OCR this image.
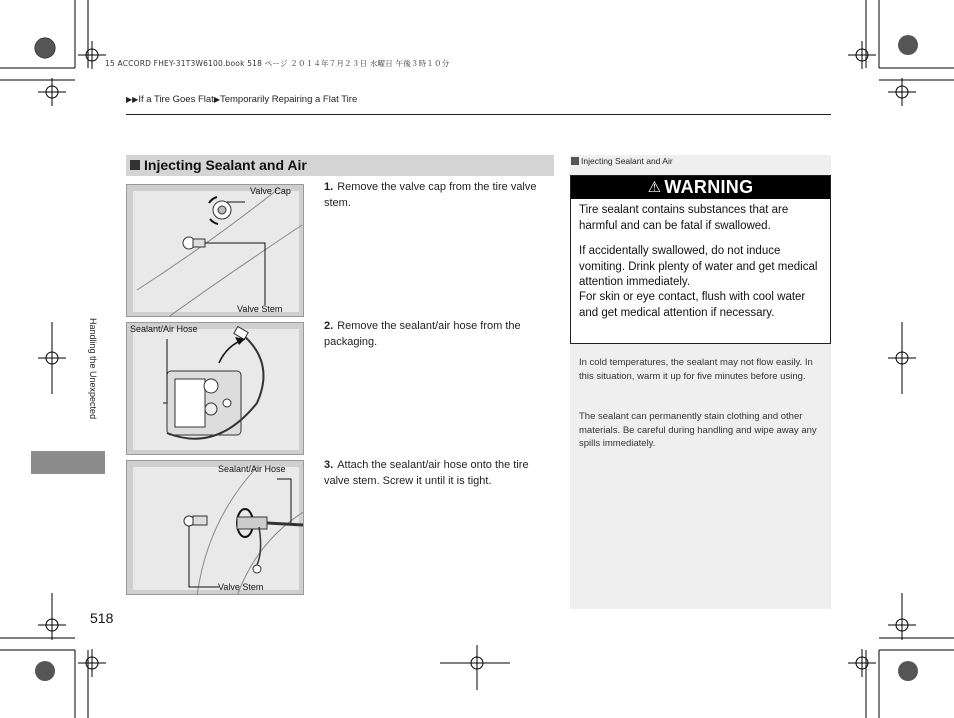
15 ACCORD FHEY-31T3W6100.book 518 ページ ２０１４年７月２３日 水曜日 午後３時１０分
▶▶If a Tire Goes Flat▶Temporarily Repairing a Flat Tire
Injecting Sealant and Air
Valve Cap
Valve Stem
Sealant/Air Hose
Sealant/Air Hose
Valve Stem
1. Remove the valve cap from the tire valve stem.
2. Remove the sealant/air hose from the packaging.
3. Attach the sealant/air hose onto the tire valve stem. Screw it until it is tight.
Handling the Unexpected
518
Injecting Sealant and Air
⚠ WARNING
Tire sealant contains substances that are harmful and can be fatal if swallowed.
If accidentally swallowed, do not induce vomiting. Drink plenty of water and get medical attention immediately.
For skin or eye contact, flush with cool water and get medical attention if necessary.
In cold temperatures, the sealant may not flow easily. In this situation, warm it up for five minutes before using.
The sealant can permanently stain clothing and other materials. Be careful during handling and wipe away any spills immediately.
